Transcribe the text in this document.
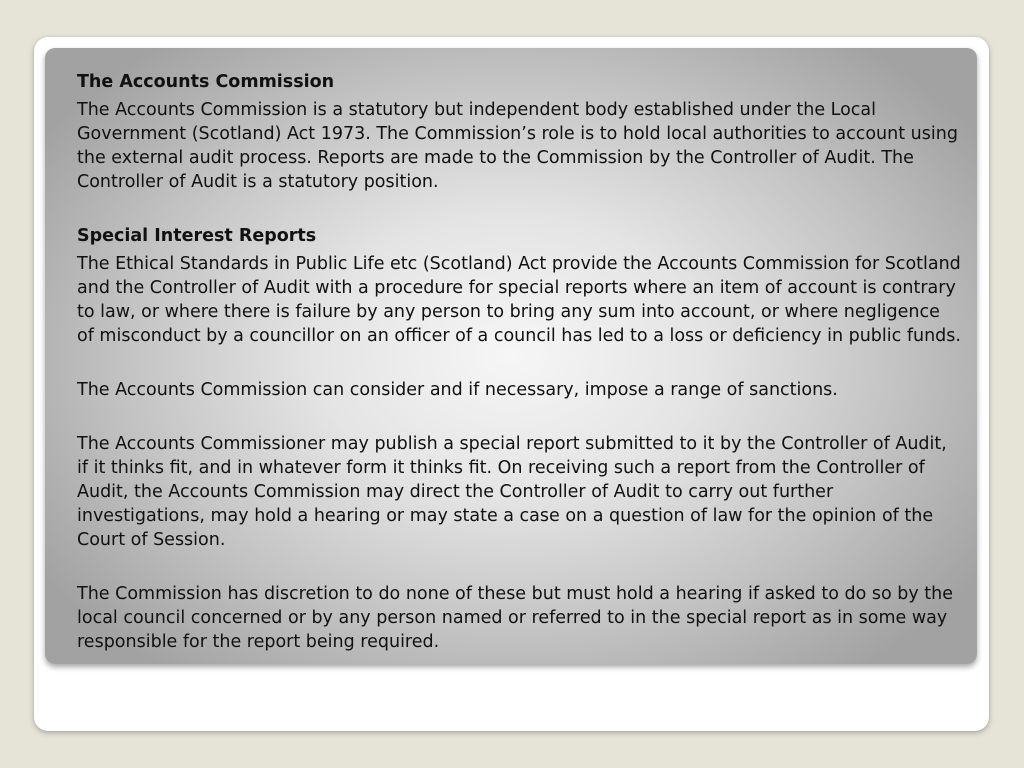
The Accounts Commission
The Accounts Commission is a statutory but independent body established under the Local Government (Scotland) Act 1973. The Commission’s role is to hold local authorities to account using the external audit process. Reports are made to the Commission by the Controller of Audit. The Controller of Audit is a statutory position.
Special Interest Reports
The Ethical Standards in Public Life etc (Scotland) Act provide the Accounts Commission for Scotland and the Controller of Audit with a procedure for special reports where an item of account is contrary to law, or where there is failure by any person to bring any sum into account, or where negligence of misconduct by a councillor on an officer of a council has led to a loss or deficiency in public funds.
The Accounts Commission can consider and if necessary, impose a range of sanctions.
The Accounts Commissioner may publish a special report submitted to it by the Controller of Audit, if it thinks fit, and in whatever form it thinks fit. On receiving such a report from the Controller of Audit, the Accounts Commission may direct the Controller of Audit to carry out further investigations, may hold a hearing or may state a case on a question of law for the opinion of the Court of Session.
The Commission has discretion to do none of these but must hold a hearing if asked to do so by the local council concerned or by any person named or referred to in the special report as in some way responsible for the report being required.
